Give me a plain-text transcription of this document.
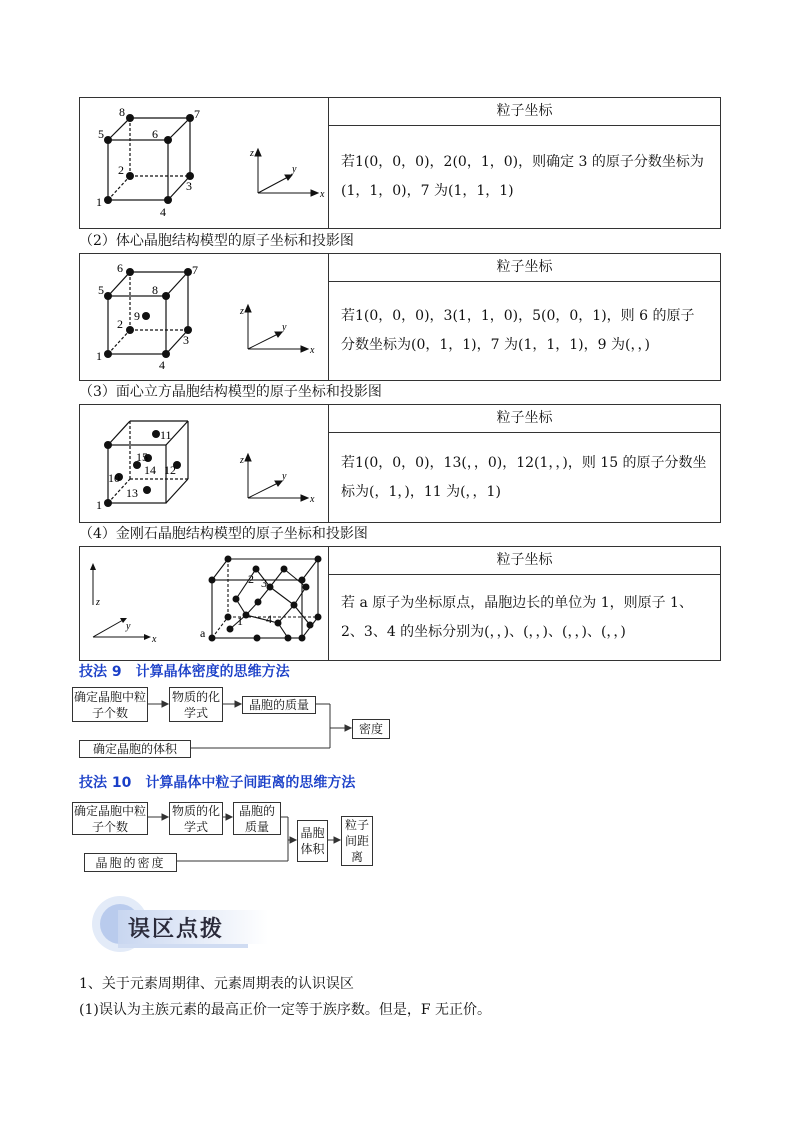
8	7
5	6
2
1
3
4
z
x
y
粒子坐标
若1(0，0，0)，2(0，1，0)，则确定 3 的原子分数坐标为(1，1，0)，7 为(1，1，1)
（2）体心晶胞结构模型的原子坐标和投影图
6	7
5	8
9
2
1
3
4
z
x
y
粒子坐标
若1(0，0，0)，3(1，1，0)，5(0，0，1)，则 6 的原子分数坐标为(0，1，1)，7 为(1，1，1)，9 为(，，)
（3）面心立方晶胞结构模型的原子坐标和投影图
11
15
14 12
10
13
1
z
x
y
粒子坐标
若1(0，0，0)，13(，，0)，12(1，，)，则 15 的原子分数坐标为(，1，)，11 为(，，1)
（4）金刚石晶胞结构模型的原子坐标和投影图
z
x
y
2 3
1 4
a
粒子坐标
若 a 原子为坐标原点，晶胞边长的单位为 1，则原子 1、2、3、4 的坐标分别为(，，)、(，，)、(，，)、(，，)
技法 9　计算晶体密度的思维方法
确定晶胞中粒子个数
物质的化学式
晶胞的质量
确定晶胞的体积
密度
技法 10　计算晶体中粒子间距离的思维方法
确定晶胞中粒子个数
物质的化学式
晶胞的质量
晶胞的密度
晶胞体积
粒子间距离
误区点拨
1、关于元素周期律、元素周期表的认识误区
(1)误认为主族元素的最高正价一定等于族序数。但是，F 无正价。
